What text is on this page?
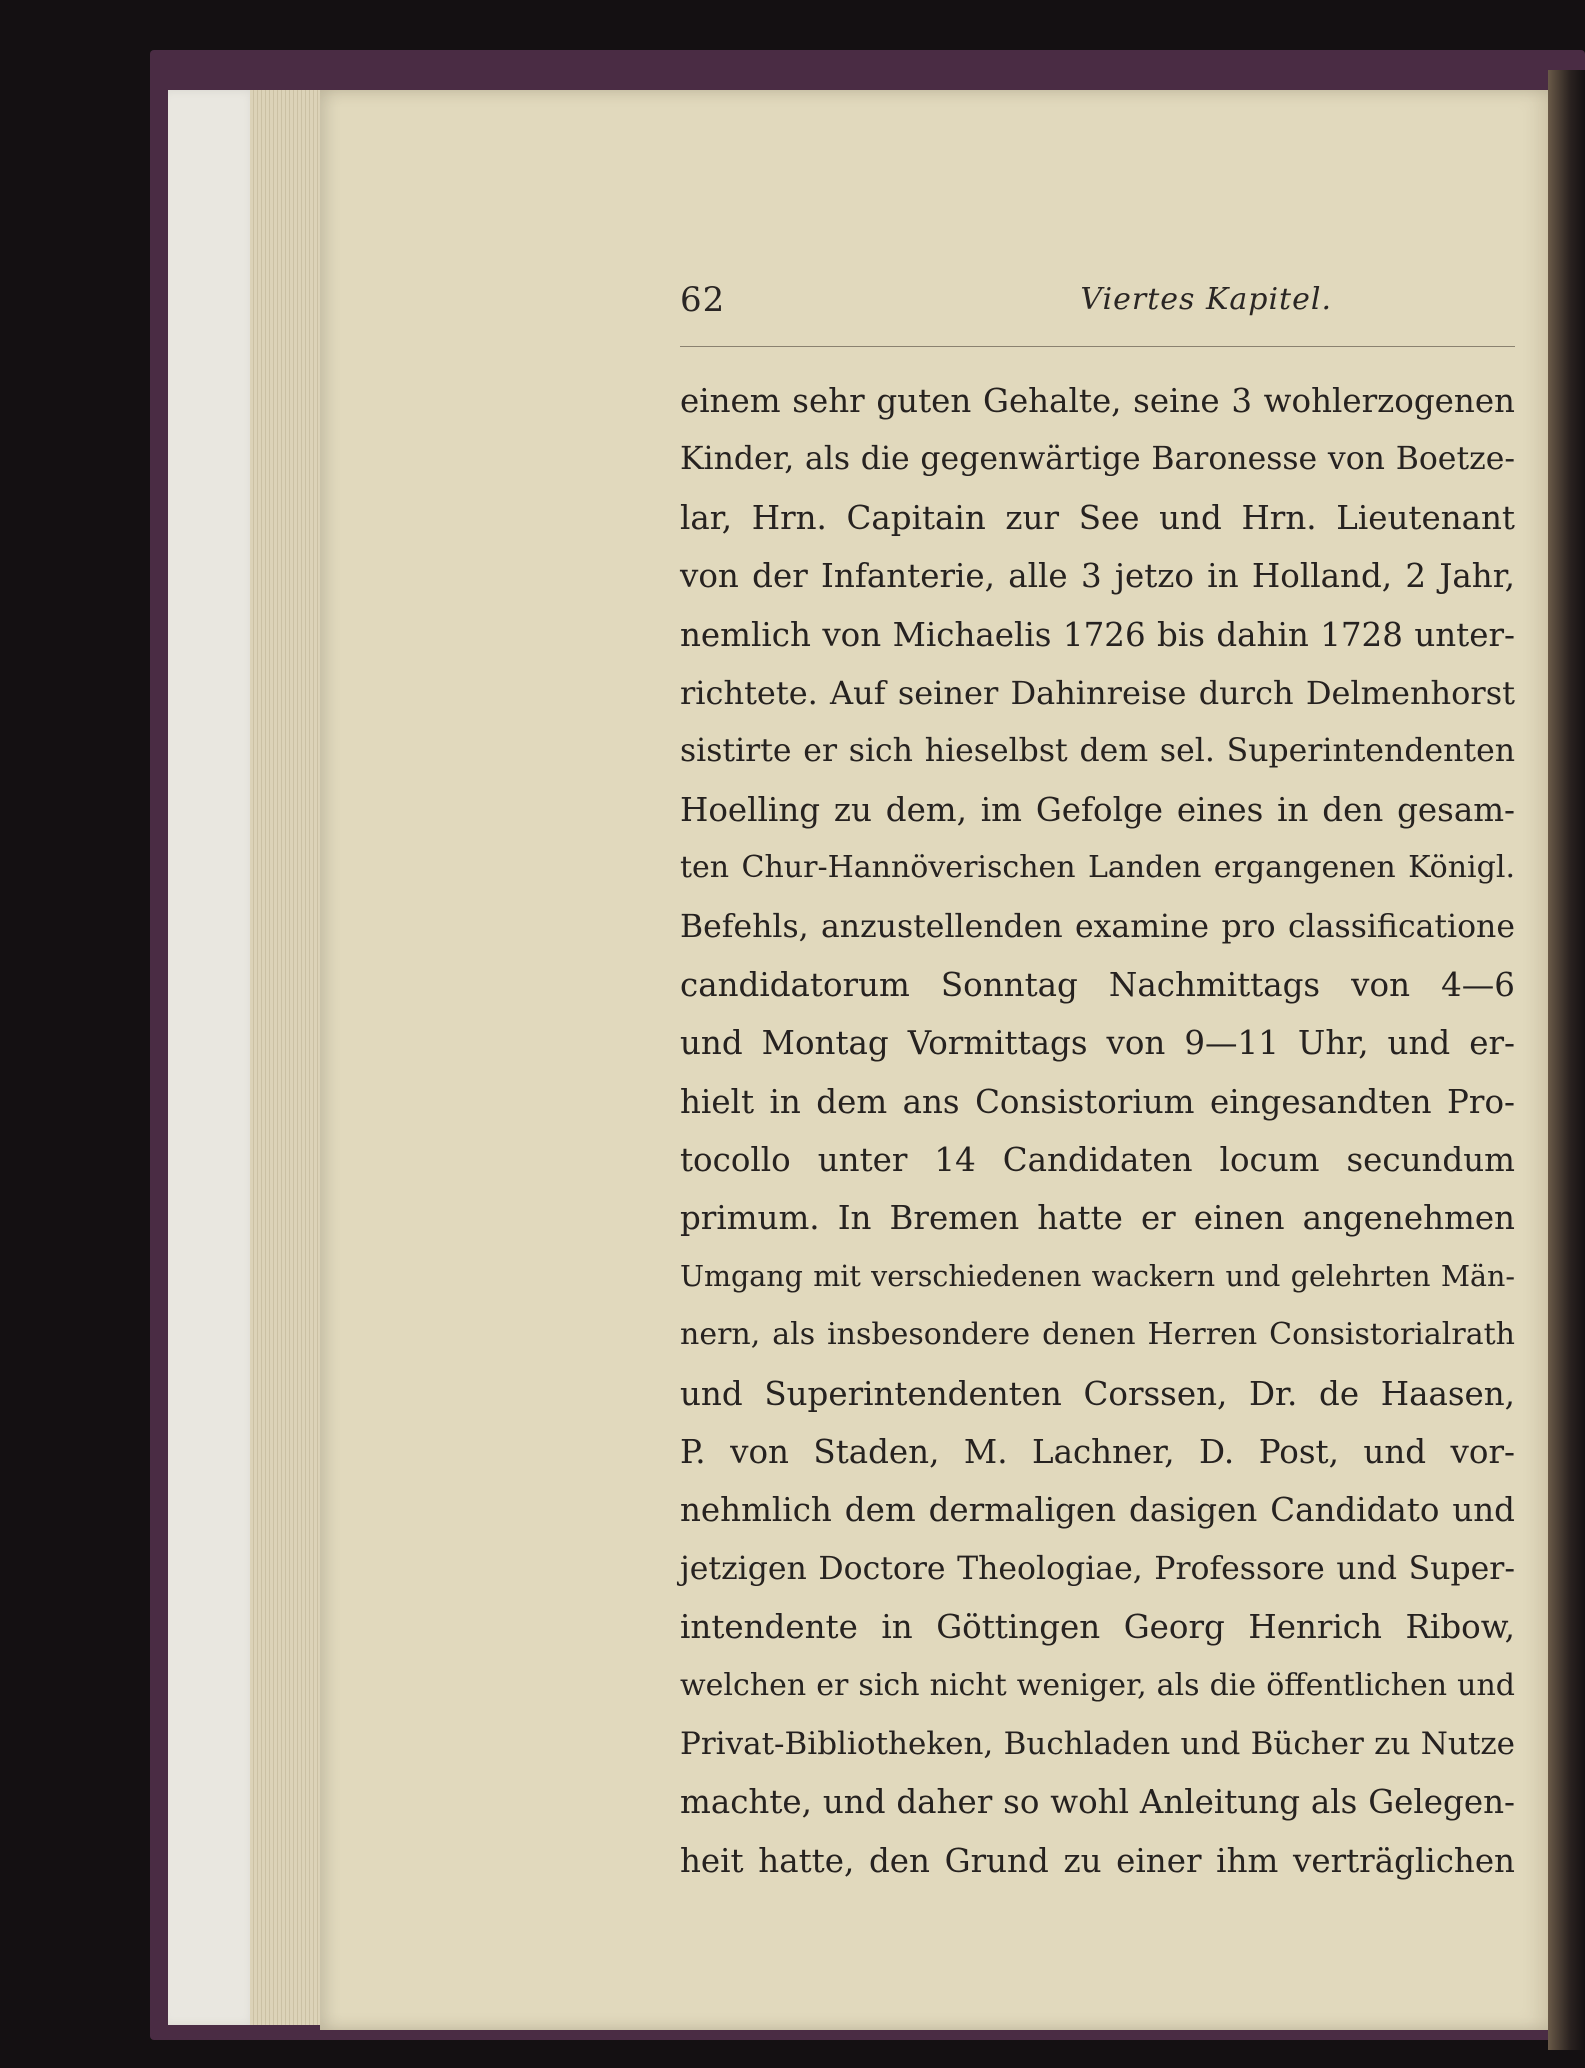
62	Viertes Kapitel.
einem sehr guten Gehalte, seine 3 wohlerzogenen
Kinder, als die gegenwärtige Baronesse von Boetze-
lar, Hrn. Capitain zur See und Hrn. Lieutenant
von der Infanterie, alle 3 jetzo in Holland, 2 Jahr,
nemlich von Michaelis 1726 bis dahin 1728 unter-
richtete. Auf seiner Dahinreise durch Delmenhorst
sistirte er sich hieselbst dem sel. Superintendenten
Hoelling zu dem, im Gefolge eines in den gesam-
ten Chur-Hannöverischen Landen ergangenen Königl.
Befehls, anzustellenden examine pro classificatione
candidatorum Sonntag Nachmittags von 4—6
und Montag Vormittags von 9—11 Uhr, und er-
hielt in dem ans Consistorium eingesandten Pro-
tocollo unter 14 Candidaten locum secundum
primum. In Bremen hatte er einen angenehmen
Umgang mit verschiedenen wackern und gelehrten Män-
nern, als insbesondere denen Herren Consistorialrath
und Superintendenten Corssen, Dr. de Haasen,
P. von Staden, M. Lachner, D. Post, und vor-
nehmlich dem dermaligen dasigen Candidato und
jetzigen Doctore Theologiae, Professore und Super-
intendente in Göttingen Georg Henrich Ribow,
welchen er sich nicht weniger, als die öffentlichen und
Privat-Bibliotheken, Buchladen und Bücher zu Nutze
machte, und daher so wohl Anleitung als Gelegen-
heit hatte, den Grund zu einer ihm verträglichen
